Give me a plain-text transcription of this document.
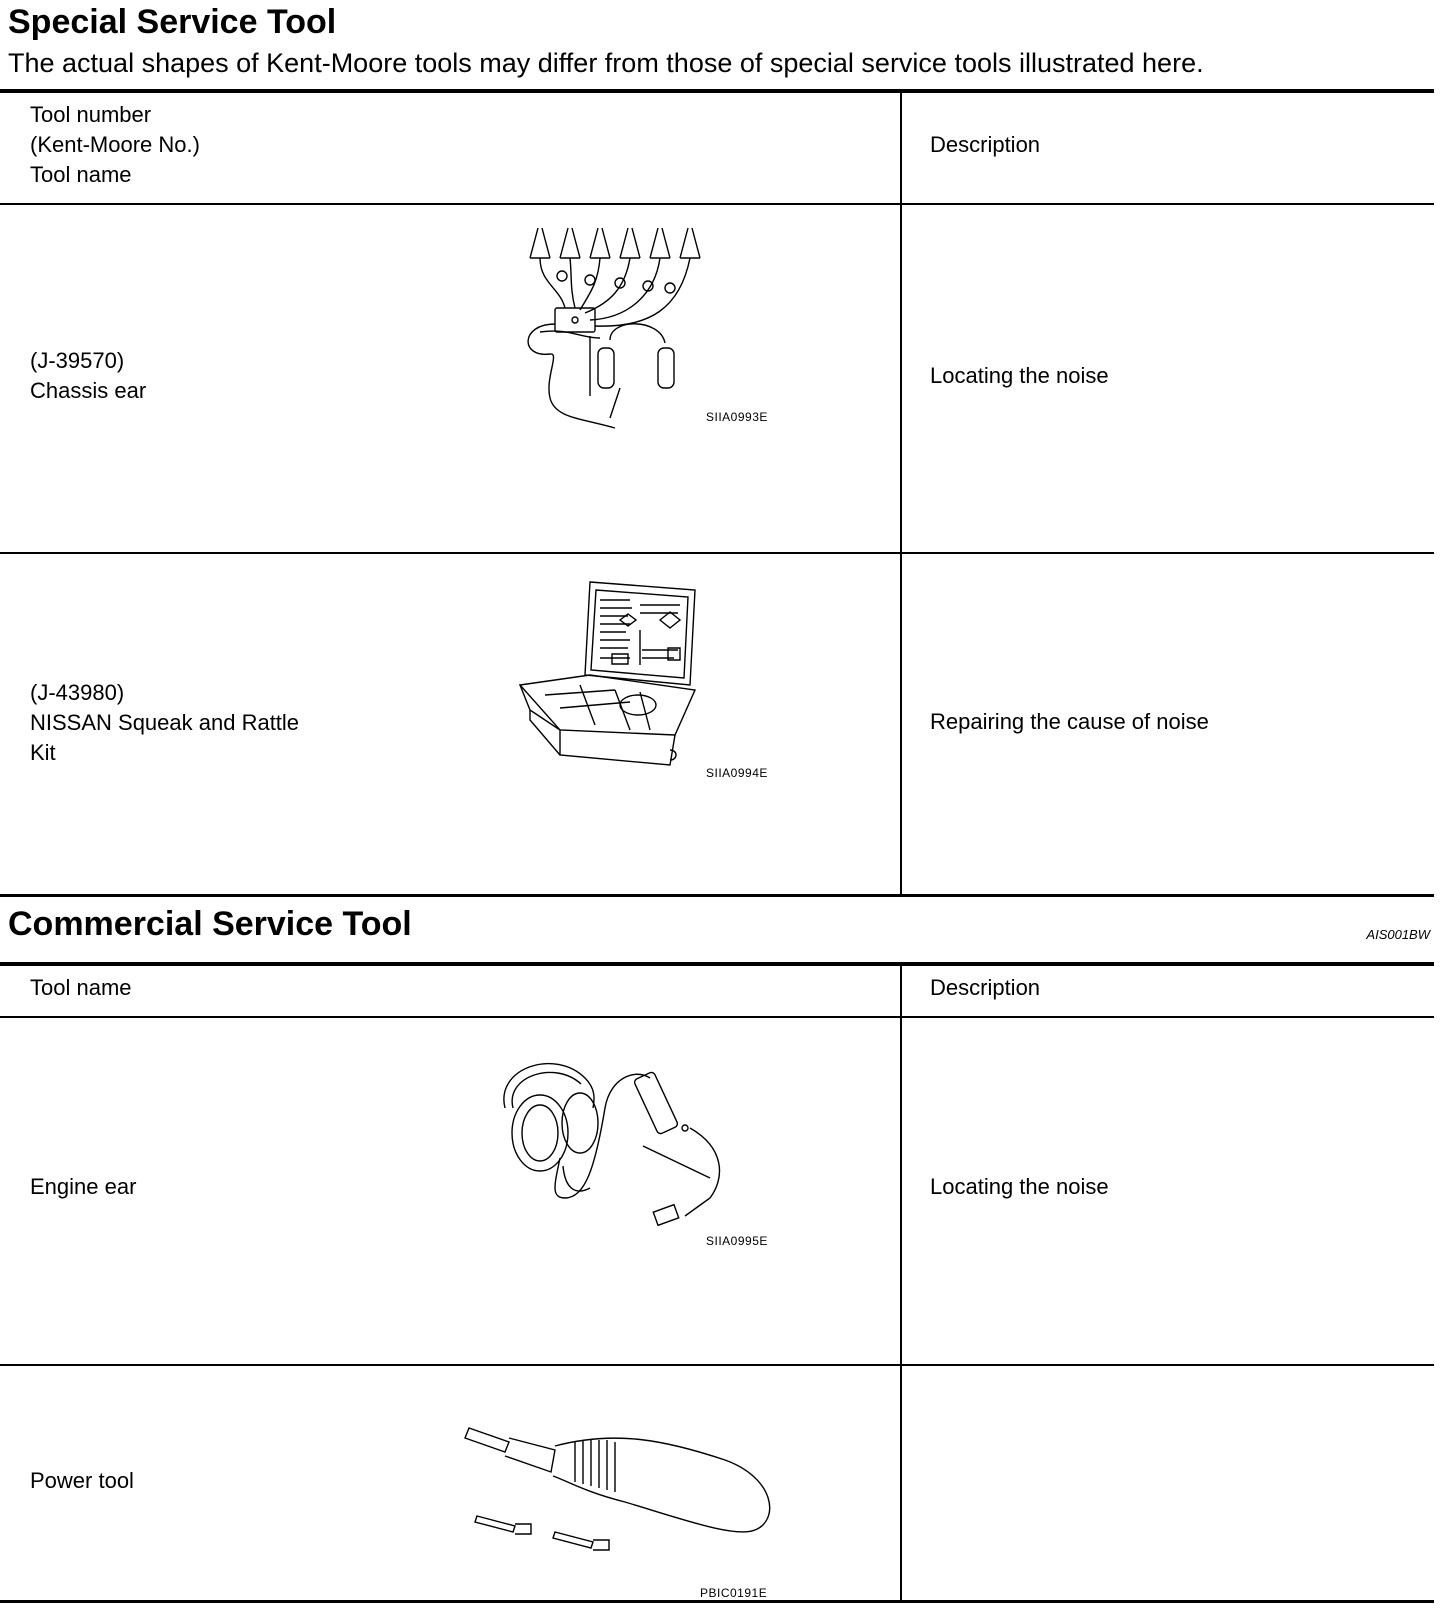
Special Service Tool
The actual shapes of Kent-Moore tools may differ from those of special service tools illustrated here.
Tool number
(Kent-Moore No.)
Tool name
Description
(J-39570)
Chassis ear
SIIA0993E
Locating the noise
(J-43980)
NISSAN Squeak and Rattle
Kit
SIIA0994E
Repairing the cause of noise
Commercial Service Tool	AIS001BW
Tool name	Description
Engine ear
SIIA0995E
Locating the noise
Power tool
PBIC0191E
